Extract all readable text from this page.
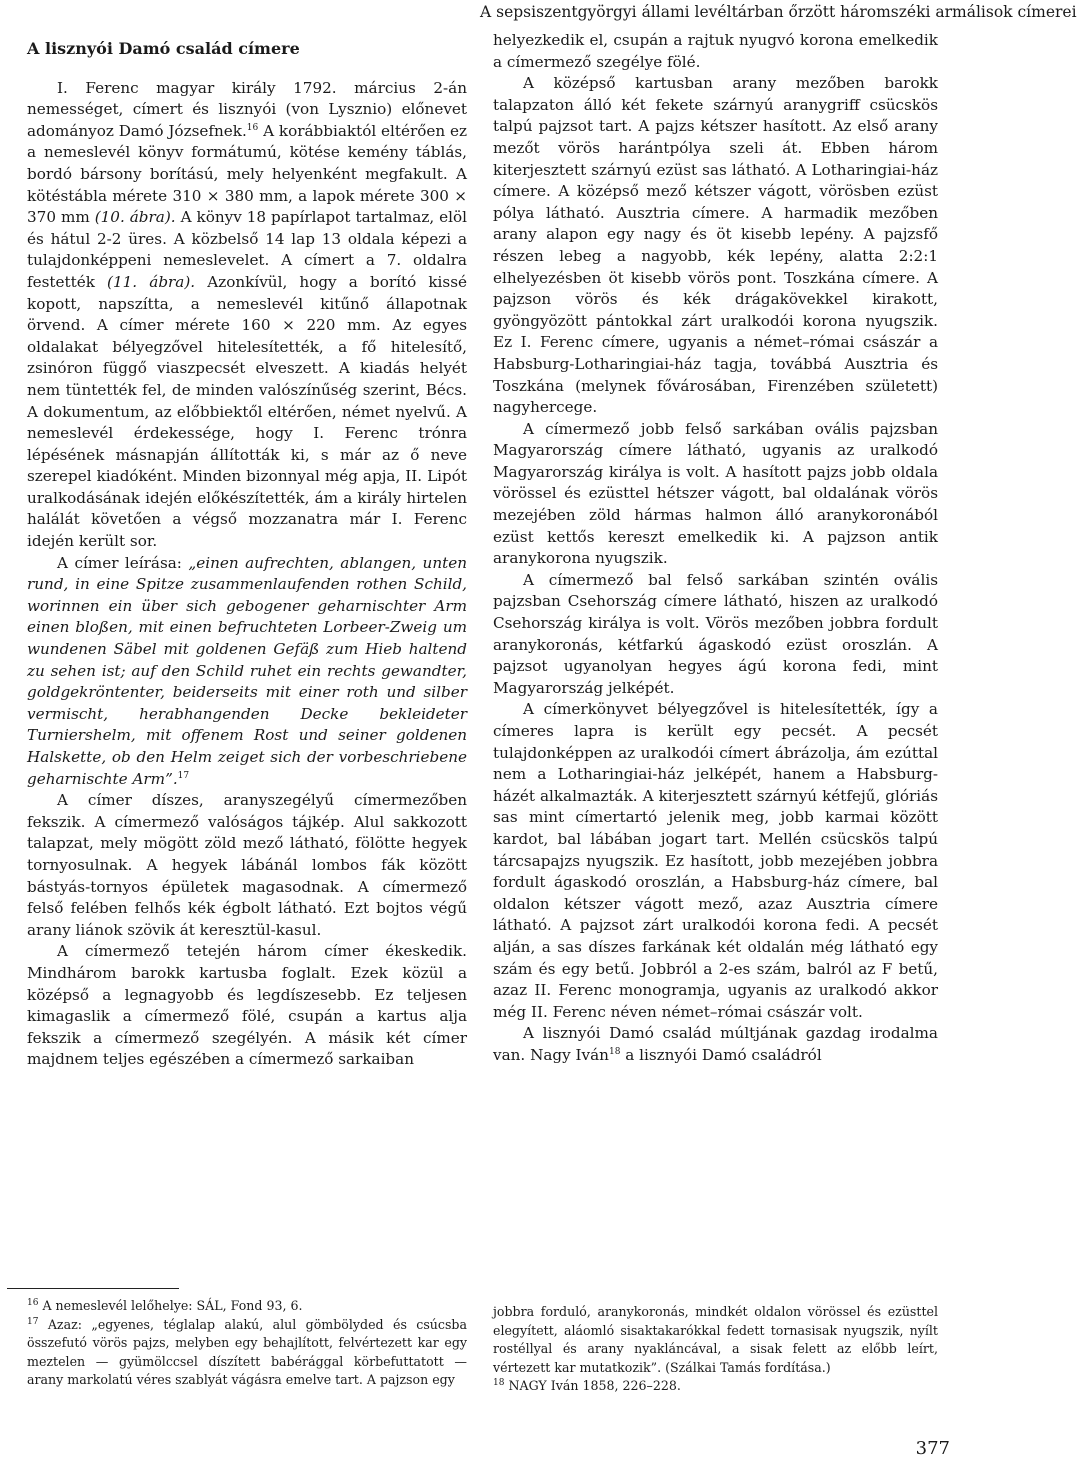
A sepsiszentgyörgyi állami levéltárban őrzött háromszéki armálisok címerei

A lisznyói Damó család címere

I. Ferenc magyar király 1792. március 2-án nemességet, címert és lisznyói (von Lysznio) előnevet adományoz Damó Józsefnek.$^{16}$ A korábbiaktól eltérően ez a nemeslevél könyv formátumú, kötése kemény táblás, bordó bársony borítású, mely helyenként megfakult. A kötéstábla mérete 310 × 380 mm, a lapok mérete 300 × 370 mm (10. ábra). A könyv 18 papírlapot tartalmaz, elöl és hátul 2-2 üres. A közbelső 14 lap 13 oldala képezi a tulajdonképpeni nemeslevelet. A címert a 7. oldalra festették (11. ábra). Azonkívül, hogy a borító kissé kopott, napszítta, a nemeslevél kitűnő állapotnak örvend. A címer mérete 160 × 220 mm. Az egyes oldalakat bélyegzővel hitelesítették, a fő hitelesítő, zsinóron függő viaszpecsét elveszett. A kiadás helyét nem tüntették fel, de minden valószínűség szerint, Bécs. A dokumentum, az előbbiektől eltérően, német nyelvű. A nemeslevél érdekessége, hogy I. Ferenc trónra lépésének másnapján állították ki, s már az ő neve szerepel kiadóként. Minden bizonnyal még apja, II. Lipót uralkodásának idején előkészítették, ám a király hirtelen halálát követően a végső mozzanatra már I. Ferenc idején került sor.

A címer leírása: „einen aufrechten, ablangen, unten rund, in eine Spitze zusammenlaufenden rothen Schild, worinnen ein über sich gebogener geharnischter Arm einen bloßen, mit einen befruchteten Lorbeer-Zweig um wundenen Säbel mit goldenen Gefäß zum Hieb haltend zu sehen ist; auf den Schild ruhet ein rechts gewandter, goldgekröntenter, beiderseits mit einer roth und silber vermischt, herabhangenden Decke bekleideter Turniershelm, mit offenem Rost und seiner goldenen Halskette, ob den Helm zeiget sich der vorbeschriebene geharnischte Arm”.$^{17}$

A címer díszes, aranyszegélyű címermezőben fekszik. A címermező valóságos tájkép. Alul sakkozott talapzat, mely mögött zöld mező látható, fölötte hegyek tornyosulnak. A hegyek lábánál lombos fák között bástyás-tornyos épületek magasodnak. A címermező felső felében felhős kék égbolt látható. Ezt bojtos végű arany liánok szövik át keresztül-kasul.

A címermező tetején három címer ékeskedik. Mindhárom barokk kartusba foglalt. Ezek közül a középső a legnagyobb és legdíszesebb. Ez teljesen kimagaslik a címermező fölé, csupán a kartus alja fekszik a címermező szegélyén. A másik két címer majdnem teljes egészében a címermező sarkaiban

helyezkedik el, csupán a rajtuk nyugvó korona emelkedik a címermező szegélye fölé.

A középső kartusban arany mezőben barokk talapzaton álló két fekete szárnyú aranygriff csücskös talpú pajzsot tart. A pajzs kétszer hasított. Az első arany mezőt vörös harántpólya szeli át. Ebben három kiterjesztett szárnyú ezüst sas látható. A Lotharingiai-ház címere. A középső mező kétszer vágott, vörösben ezüst pólya látható. Ausztria címere. A harmadik mezőben arany alapon egy nagy és öt kisebb lepény. A pajzsfő részen lebeg a nagyobb, kék lepény, alatta 2:2:1 elhelyezésben öt kisebb vörös pont. Toszkána címere. A pajzson vörös és kék drágakövekkel kirakott, gyöngyözött pántokkal zárt uralkodói korona nyugszik. Ez I. Ferenc címere, ugyanis a német–római császár a Habsburg-Lotharingiai-ház tagja, továbbá Ausztria és Toszkána (melynek fővárosában, Firenzében született) nagyhercege.

A címermező jobb felső sarkában ovális pajzsban Magyarország címere látható, ugyanis az uralkodó Magyarország királya is volt. A hasított pajzs jobb oldala vörössel és ezüsttel hétszer vágott, bal oldalának vörös mezejében zöld hármas halmon álló aranykoronából ezüst kettős kereszt emelkedik ki. A pajzson antik aranykorona nyugszik.

A címermező bal felső sarkában szintén ovális pajzsban Csehország címere látható, hiszen az uralkodó Csehország királya is volt. Vörös mezőben jobbra fordult aranykoronás, kétfarkú ágaskodó ezüst oroszlán. A pajzsot ugyanolyan hegyes ágú korona fedi, mint Magyarország jelképét.

A címerkönyvet bélyegzővel is hitelesítették, így a címeres lapra is került egy pecsét. A pecsét tulajdonképpen az uralkodói címert ábrázolja, ám ezúttal nem a Lotharingiai-ház jelképét, hanem a Habsburg-házét alkalmazták. A kiterjesztett szárnyú kétfejű, glóriás sas mint címertartó jelenik meg, jobb karmai között kardot, bal lábában jogart tart. Mellén csücskös talpú tárcsapajzs nyugszik. Ez hasított, jobb mezejében jobbra fordult ágaskodó oroszlán, a Habsburg-ház címere, bal oldalon kétszer vágott mező, azaz Ausztria címere látható. A pajzsot zárt uralkodói korona fedi. A pecsét alján, a sas díszes farkának két oldalán még látható egy szám és egy betű. Jobbról a 2-es szám, balról az F betű, azaz II. Ferenc monogramja, ugyanis az uralkodó akkor még II. Ferenc néven német–római császár volt.

A lisznyói Damó család múltjának gazdag irodalma van. Nagy Iván$^{18}$ a lisznyói Damó családról

$^{16}$ A nemeslevél lelőhelye: SÁL, Fond 93, 6.

$^{17}$ Azaz: „egyenes, téglalap alakú, alul gömbölyded és csúcsba összefutó vörös pajzs, melyben egy behajlított, felvértezett kar egy meztelen — gyümölccsel díszített babérággal körbefuttatott — arany markolatú véres szablyát vágásra emelve tart. A pajzson egy

jobbra forduló, aranykoronás, mindkét oldalon vörössel és ezüsttel elegyített, aláomló sisaktakarókkal fedett tornasisak nyugszik, nyílt rostéllyal és arany nyakláncával, a sisak felett az előbb leírt, vértezett kar mutatkozik”. (Szálkai Tamás fordítása.)

$^{18}$ NAGY Iván 1858, 226–228.

377
